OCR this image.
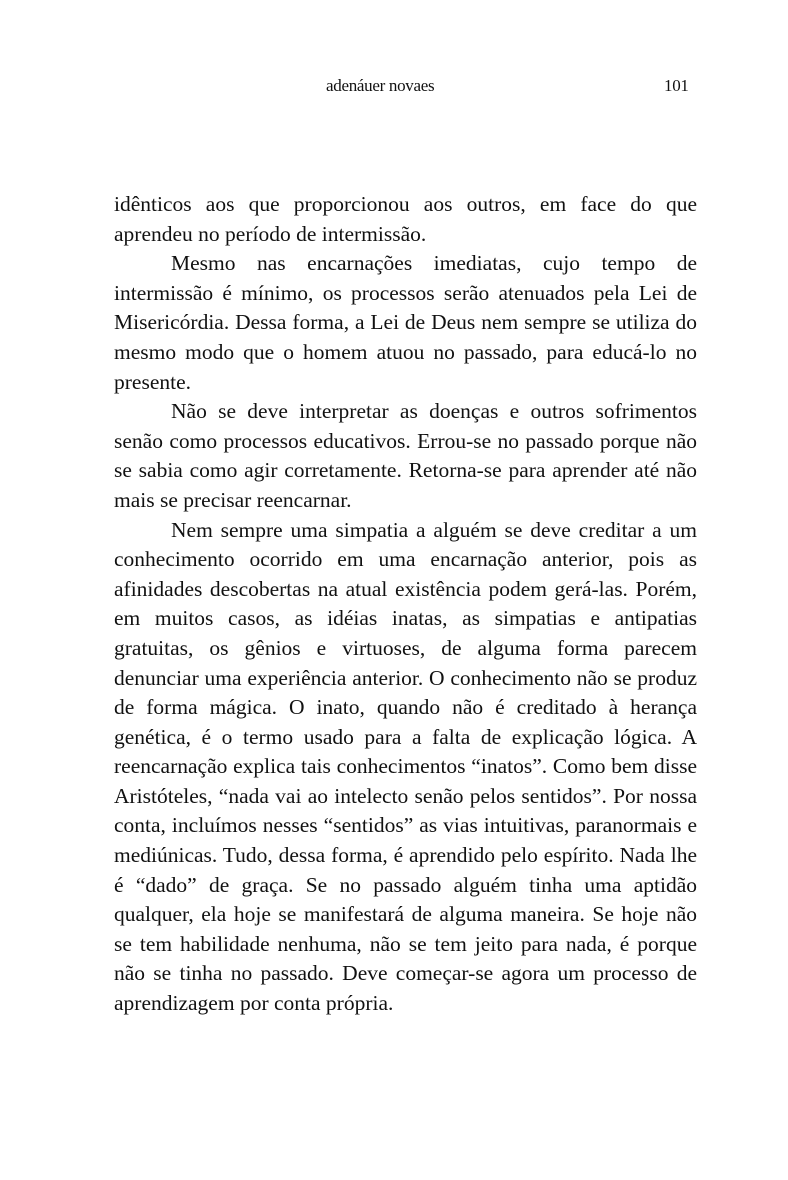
adenáuer novaes	101

idênticos aos que proporcionou aos outros, em face do que aprendeu no período de intermissão.

Mesmo nas encarnações imediatas, cujo tempo de intermissão é mínimo, os processos serão atenuados pela Lei de Misericórdia. Dessa forma, a Lei de Deus nem sempre se utiliza do mesmo modo que o homem atuou no passado, para educá-lo no presente.

Não se deve interpretar as doenças e outros sofrimentos senão como processos educativos. Errou-se no passado porque não se sabia como agir corretamente. Retorna-se para aprender até não mais se precisar reencarnar.

Nem sempre uma simpatia a alguém se deve creditar a um conhecimento ocorrido em uma encarnação anterior, pois as afinidades descobertas na atual existência podem gerá-las. Porém, em muitos casos, as idéias inatas, as simpatias e antipatias gratuitas, os gênios e virtuoses, de alguma forma parecem denunciar uma experiência anterior. O conhecimento não se produz de forma mágica. O inato, quando não é creditado à herança genética, é o termo usado para a falta de explicação lógica. A reencarnação explica tais conhecimentos “inatos”. Como bem disse Aristóteles, “nada vai ao intelecto senão pelos sentidos”. Por nossa conta, incluímos nesses “sentidos” as vias intuitivas, paranormais e mediúnicas. Tudo, dessa forma, é aprendido pelo espírito. Nada lhe é “dado” de graça. Se no passado alguém tinha uma aptidão qualquer, ela hoje se manifestará de alguma maneira. Se hoje não se tem habilidade nenhuma, não se tem jeito para nada, é porque não se tinha no passado. Deve começar-se agora um processo de aprendizagem por conta própria.
